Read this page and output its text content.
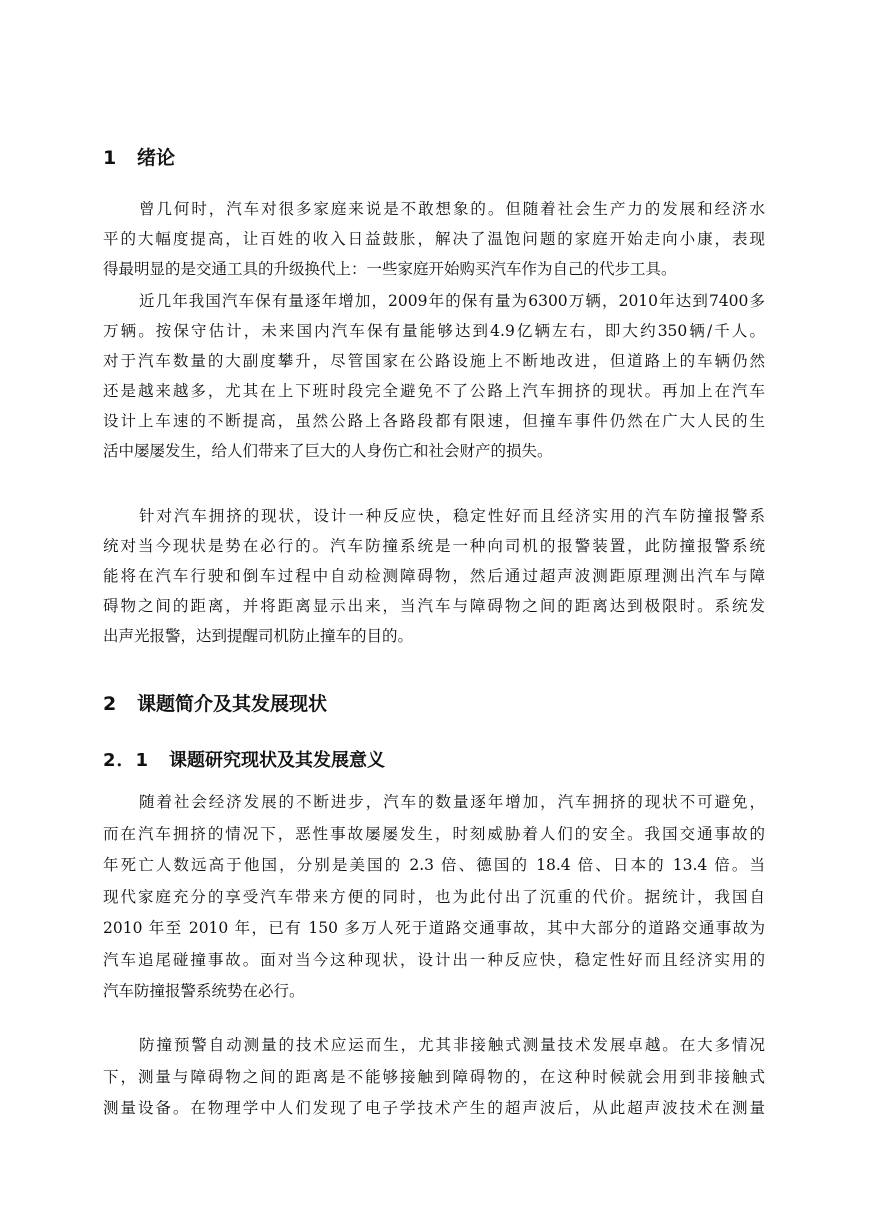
1 绪论
曾几何时，汽车对很多家庭来说是不敢想象的。但随着社会生产力的发展和经济水
平的大幅度提高，让百姓的收入日益鼓胀，解决了温饱问题的家庭开始走向小康，表现
得最明显的是交通工具的升级换代上：一些家庭开始购买汽车作为自己的代步工具。
近几年我国汽车保有量逐年增加，2009年的保有量为6300万辆，2010年达到7400多
万辆。按保守估计，未来国内汽车保有量能够达到4.9亿辆左右，即大约350辆/千人。
对于汽车数量的大副度攀升，尽管国家在公路设施上不断地改进，但道路上的车辆仍然
还是越来越多，尤其在上下班时段完全避免不了公路上汽车拥挤的现状。再加上在汽车
设计上车速的不断提高，虽然公路上各路段都有限速，但撞车事件仍然在广大人民的生
活中屡屡发生，给人们带来了巨大的人身伤亡和社会财产的损失。
针对汽车拥挤的现状，设计一种反应快，稳定性好而且经济实用的汽车防撞报警系
统对当今现状是势在必行的。汽车防撞系统是一种向司机的报警装置，此防撞报警系统
能将在汽车行驶和倒车过程中自动检测障碍物，然后通过超声波测距原理测出汽车与障
碍物之间的距离，并将距离显示出来，当汽车与障碍物之间的距离达到极限时。系统发
出声光报警，达到提醒司机防止撞车的目的。
2 课题简介及其发展现状
2．1 课题研究现状及其发展意义
随着社会经济发展的不断进步，汽车的数量逐年增加，汽车拥挤的现状不可避免，
而在汽车拥挤的情况下，恶性事故屡屡发生，时刻威胁着人们的安全。我国交通事故的
年死亡人数远高于他国，分别是美国的 2.3 倍、德国的 18.4 倍、日本的 13.4 倍。当
现代家庭充分的享受汽车带来方便的同时，也为此付出了沉重的代价。据统计，我国自
2010 年至 2010 年，已有 150 多万人死于道路交通事故，其中大部分的道路交通事故为
汽车追尾碰撞事故。面对当今这种现状，设计出一种反应快，稳定性好而且经济实用的
汽车防撞报警系统势在必行。
防撞预警自动测量的技术应运而生，尤其非接触式测量技术发展卓越。在大多情况
下，测量与障碍物之间的距离是不能够接触到障碍物的，在这种时候就会用到非接触式
测量设备。在物理学中人们发现了电子学技术产生的超声波后，从此超声波技术在测量
